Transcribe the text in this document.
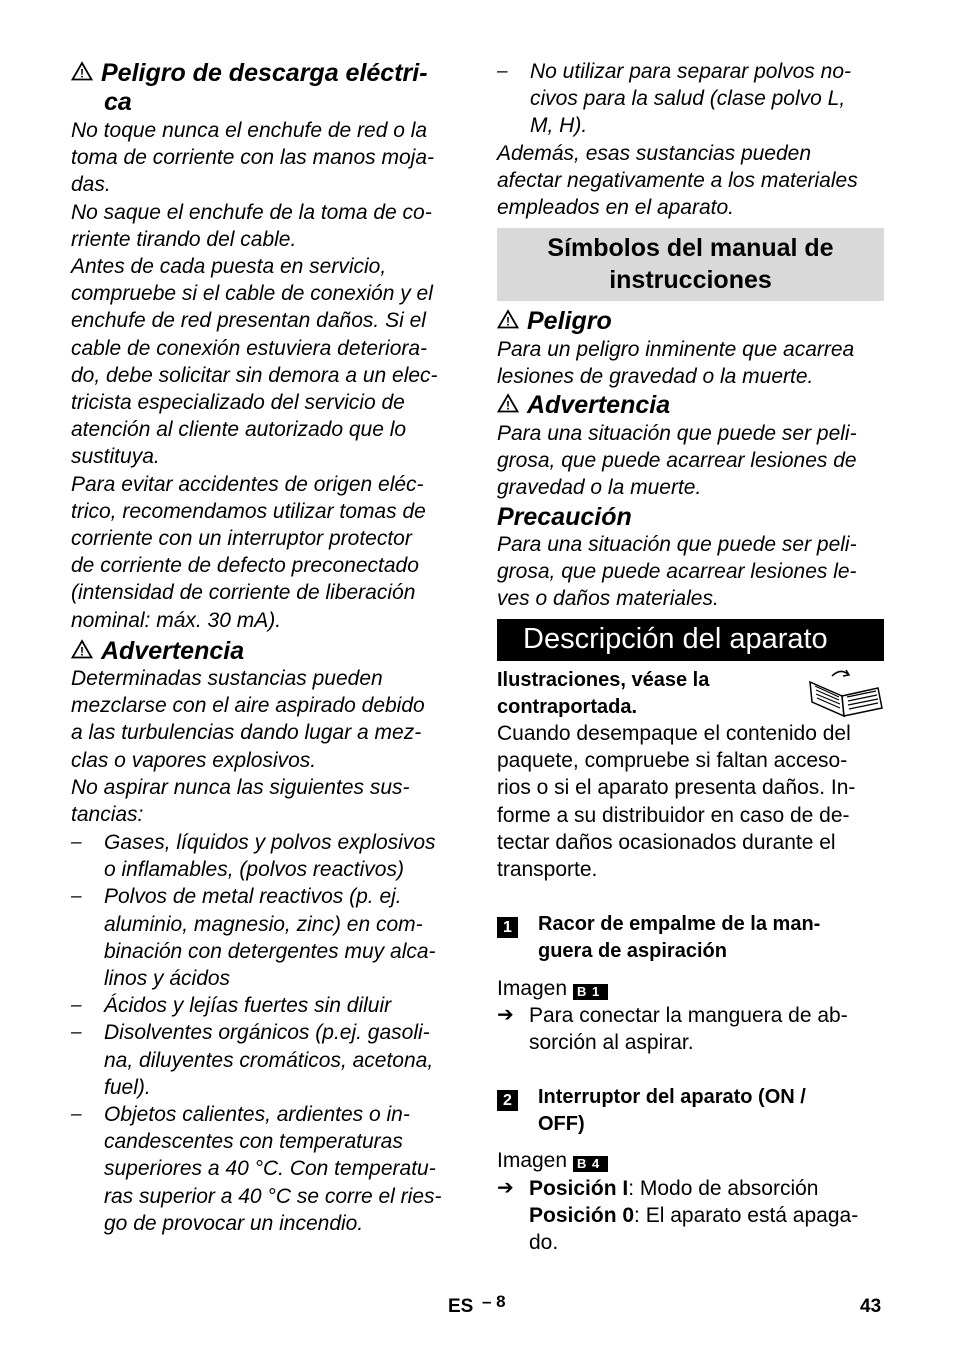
! Peligro de descarga eléctri-
ca
No toque nunca el enchufe de red o la
toma de corriente con las manos moja-
das.
No saque el enchufe de la toma de co-
rriente tirando del cable.
Antes de cada puesta en servicio,
compruebe si el cable de conexión y el
enchufe de red presentan daños. Si el
cable de conexión estuviera deteriora-
do, debe solicitar sin demora a un elec-
tricista especializado del servicio de
atención al cliente autorizado que lo
sustituya.
Para evitar accidentes de origen eléc-
trico, recomendamos utilizar tomas de
corriente con un interruptor protector
de corriente de defecto preconectado
(intensidad de corriente de liberación
nominal: máx. 30 mA).
! Advertencia
Determinadas sustancias pueden
mezclarse con el aire aspirado debido
a las turbulencias dando lugar a mez-
clas o vapores explosivos.
No aspirar nunca las siguientes sus-
tancias:
–	Gases, líquidos y polvos explosivos
o inflamables, (polvos reactivos)
–	Polvos de metal reactivos (p. ej.
aluminio, magnesio, zinc) en com-
binación con detergentes muy alca-
linos y ácidos
–	Ácidos y lejías fuertes sin diluir
–	Disolventes orgánicos (p.ej. gasoli-
na, diluyentes cromáticos, acetona,
fuel).
–	Objetos calientes, ardientes o in-
candescentes con temperaturas
superiores a 40 °C. Con temperatu-
ras superior a 40 °C se corre el ries-
go de provocar un incendio.
–	No utilizar para separar polvos no-
civos para la salud (clase polvo L,
M, H).
Además, esas sustancias pueden
afectar negativamente a los materiales
empleados en el aparato.
Símbolos del manual de
instrucciones
! Peligro
Para un peligro inminente que acarrea
lesiones de gravedad o la muerte.
! Advertencia
Para una situación que puede ser peli-
grosa, que puede acarrear lesiones de
gravedad o la muerte.
Precaución
Para una situación que puede ser peli-
grosa, que puede acarrear lesiones le-
ves o daños materiales.
Descripción del aparato
Ilustraciones, véase la
contraportada.
Cuando desempaque el contenido del
paquete, compruebe si faltan acceso-
rios o si el aparato presenta daños. In-
forme a su distribuidor en caso de de-
tectar daños ocasionados durante el
transporte.
1	Racor de empalme de la man-
guera de aspiración
Imagen B 1
➔ Para conectar la manguera de ab-
sorción al aspirar.
2	Interruptor del aparato (ON /
OFF)
Imagen B 4
➔ Posición I: Modo de absorción
Posición 0: El aparato está apaga-
do.
ES – 8	43
